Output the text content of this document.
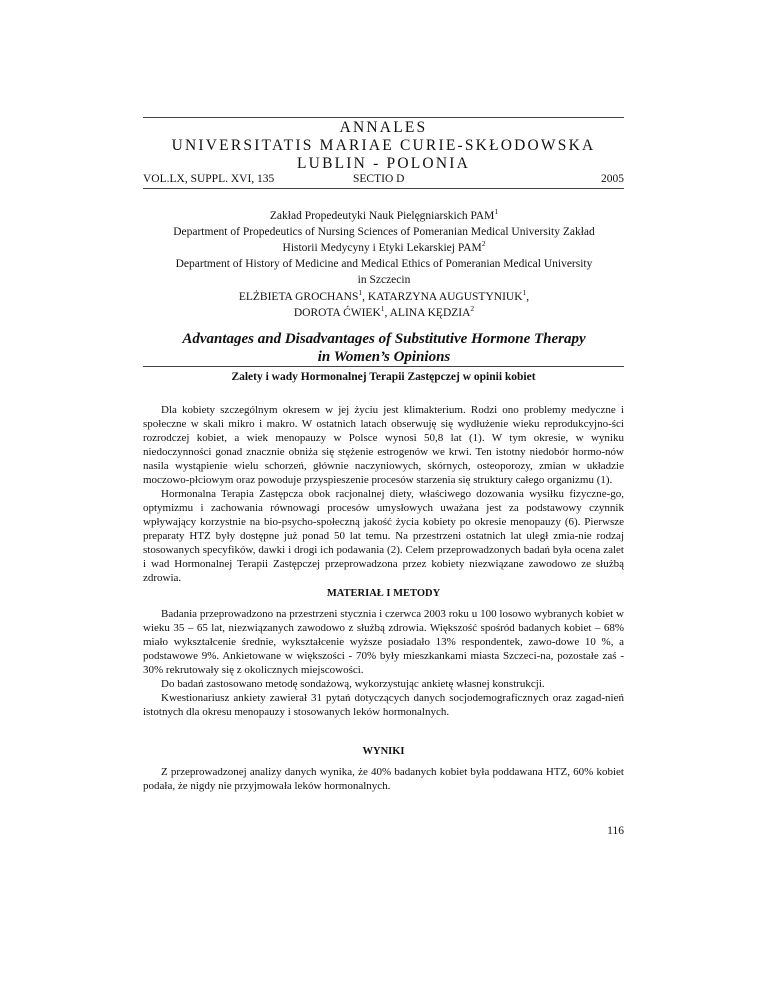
ANNALES
UNIVERSITATIS MARIAE CURIE-SKŁODOWSKA
LUBLIN - POLONIA
VOL.LX, SUPPL. XVI, 135	SECTIO D	2005
Zakład Propedeutyki Nauk Pielęgniarskich PAM$^1$
Department of Propedeutics of Nursing Sciences of Pomeranian Medical University Zakład
Historii Medycyny i Etyki Lekarskiej PAM$^2$
Department of History of Medicine and Medical Ethics of Pomeranian Medical University
in Szczecin
ELŻBIETA GROCHANS$^1$, KATARZYNA AUGUSTYNIUK$^1$,
DOROTA ĆWIEK$^1$, ALINA KĘDZIA$^2$
Advantages and Disadvantages of Substitutive Hormone Therapy
in Women’s Opinions
Zalety i wady Hormonalnej Terapii Zastępczej w opinii kobiet

Dla kobiety szczególnym okresem w jej życiu jest klimakterium. Rodzi ono problemy medyczne i społeczne w skali mikro i makro. W ostatnich latach obserwuję się wydłużenie wieku reprodukcyjno-ści rozrodczej kobiet, a wiek menopauzy w Polsce wynosi 50,8 lat (1). W tym okresie, w wyniku niedoczynności gonad znacznie obniża się stężenie estrogenów we krwi. Ten istotny niedobór hormo-nów nasila wystąpienie wielu schorzeń, głównie naczyniowych, skórnych, osteoporozy, zmian w układzie moczowo-płciowym oraz powoduje przyspieszenie procesów starzenia się struktury całego organizmu (1).

Hormonalna Terapia Zastępcza obok racjonalnej diety, właściwego dozowania wysiłku fizyczne-go, optymizmu i zachowania równowagi procesów umysłowych uważana jest za podstawowy czynnik wpływający korzystnie na bio-psycho-społeczną jakość życia kobiety po okresie menopauzy (6). Pierwsze preparaty HTZ były dostępne już ponad 50 lat temu. Na przestrzeni ostatnich lat uległ zmia-nie rodzaj stosowanych specyfików, dawki i drogi ich podawania (2). Celem przeprowadzonych badań była ocena zalet i wad Hormonalnej Terapii Zastępczej przeprowadzona przez kobiety niezwiązane zawodowo ze służbą zdrowia.

MATERIAŁ I METODY

Badania przeprowadzono na przestrzeni stycznia i czerwca 2003 roku u 100 losowo wybranych kobiet w wieku 35 – 65 lat, niezwiązanych zawodowo z służbą zdrowia. Większość spośród badanych kobiet – 68% miało wykształcenie średnie, wykształcenie wyższe posiadało 13% respondentek, zawo-dowe 10 %, a podstawowe 9%. Ankietowane w większości - 70% były mieszkankami miasta Szczeci-na, pozostałe zaś - 30% rekrutowały się z okolicznych miejscowości.

Do badań zastosowano metodę sondażową, wykorzystując ankietę własnej konstrukcji.

Kwestionariusz ankiety zawierał 31 pytań dotyczących danych socjodemograficznych oraz zagad-nień istotnych dla okresu menopauzy i stosowanych leków hormonalnych.

WYNIKI

Z przeprowadzonej analizy danych wynika, że 40% badanych kobiet była poddawana HTZ, 60% kobiet podała, że nigdy nie przyjmowała leków hormonalnych.

116
